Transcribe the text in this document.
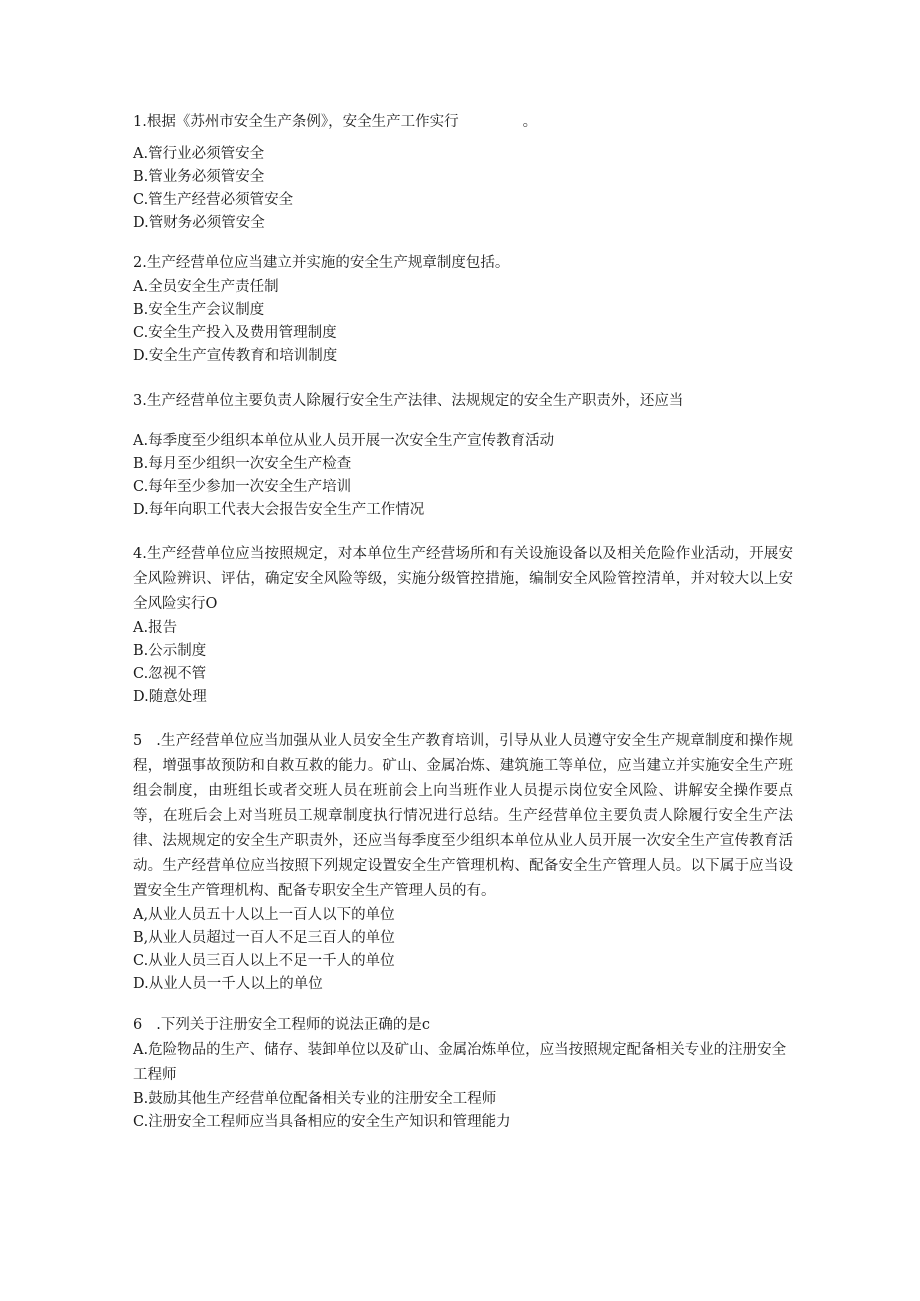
1.根据《苏州市安全生产条例》，安全生产工作实行	。

A.管行业必须管安全

B.管业务必须管安全

C.管生产经营必须管安全

D.管财务必须管安全

2.生产经营单位应当建立并实施的安全生产规章制度包括。

A.全员安全生产责任制

B.安全生产会议制度

C.安全生产投入及费用管理制度

D.安全生产宣传教育和培训制度

3.生产经营单位主要负责人除履行安全生产法律、法规规定的安全生产职责外，还应当

A.每季度至少组织本单位从业人员开展一次安全生产宣传教育活动

B.每月至少组织一次安全生产检查

C.每年至少参加一次安全生产培训

D.每年向职工代表大会报告安全生产工作情况

4.生产经营单位应当按照规定，对本单位生产经营场所和有关设施设备以及相关危险作业活动，开展安全风险辨识、评估，确定安全风险等级，实施分级管控措施，编制安全风险管控清单，并对较大以上安全风险实行O

A.报告

B.公示制度

C.忽视不管

D.随意处理

5 .生产经营单位应当加强从业人员安全生产教育培训，引导从业人员遵守安全生产规章制度和操作规程，增强事故预防和自救互救的能力。矿山、金属冶炼、建筑施工等单位，应当建立并实施安全生产班组会制度，由班组长或者交班人员在班前会上向当班作业人员提示岗位安全风险、讲解安全操作要点等，在班后会上对当班员工规章制度执行情况进行总结。生产经营单位主要负责人除履行安全生产法律、法规规定的安全生产职责外，还应当每季度至少组织本单位从业人员开展一次安全生产宣传教育活动。生产经营单位应当按照下列规定设置安全生产管理机构、配备安全生产管理人员。以下属于应当设置安全生产管理机构、配备专职安全生产管理人员的有。

A,从业人员五十人以上一百人以下的单位

B,从业人员超过一百人不足三百人的单位

C.从业人员三百人以上不足一千人的单位

D.从业人员一千人以上的单位

6 .下列关于注册安全工程师的说法正确的是c

A.危险物品的生产、储存、装卸单位以及矿山、金属冶炼单位，应当按照规定配备相关专业的注册安全工程师

B.鼓励其他生产经营单位配备相关专业的注册安全工程师

C.注册安全工程师应当具备相应的安全生产知识和管理能力
